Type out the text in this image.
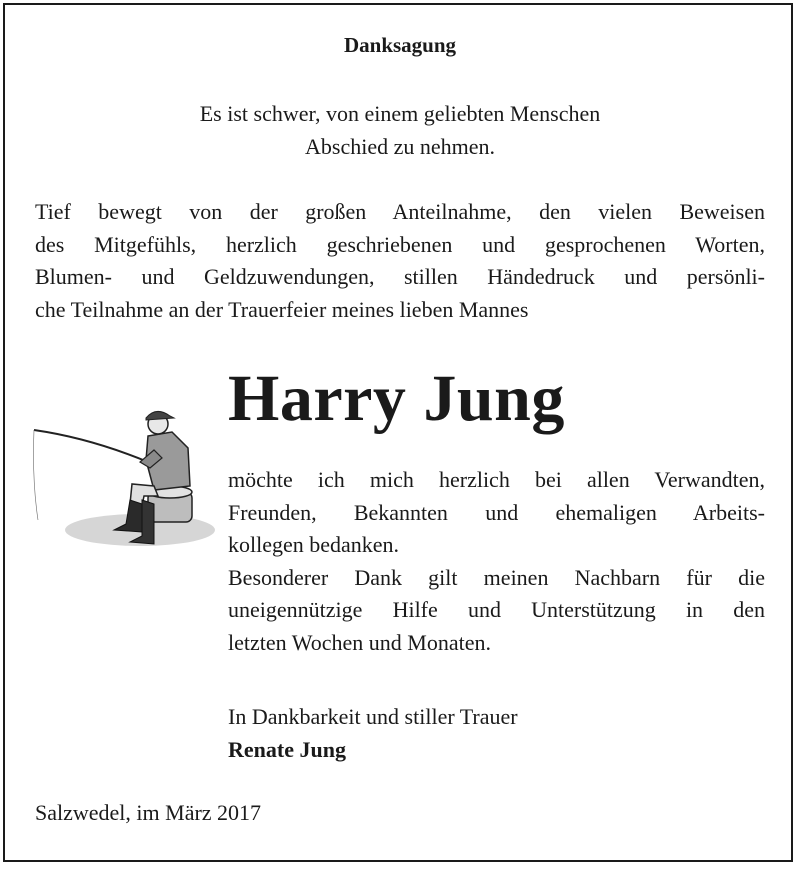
Danksagung
Es ist schwer, von einem geliebten Menschen
Abschied zu nehmen.
Tief bewegt von der großen Anteilnahme, den vielen Beweisen
des Mitgefühls, herzlich geschriebenen und gesprochenen Worten,
Blumen- und Geldzuwendungen, stillen Händedruck und persönli-
che Teilnahme an der Trauerfeier meines lieben Mannes
Harry Jung
möchte ich mich herzlich bei allen Verwandten,
Freunden, Bekannten und ehemaligen Arbeits-
kollegen bedanken.
Besonderer Dank gilt meinen Nachbarn für die
uneigennützige Hilfe und Unterstützung in den
letzten Wochen und Monaten.
In Dankbarkeit und stiller Trauer
Renate Jung
Salzwedel, im März 2017
